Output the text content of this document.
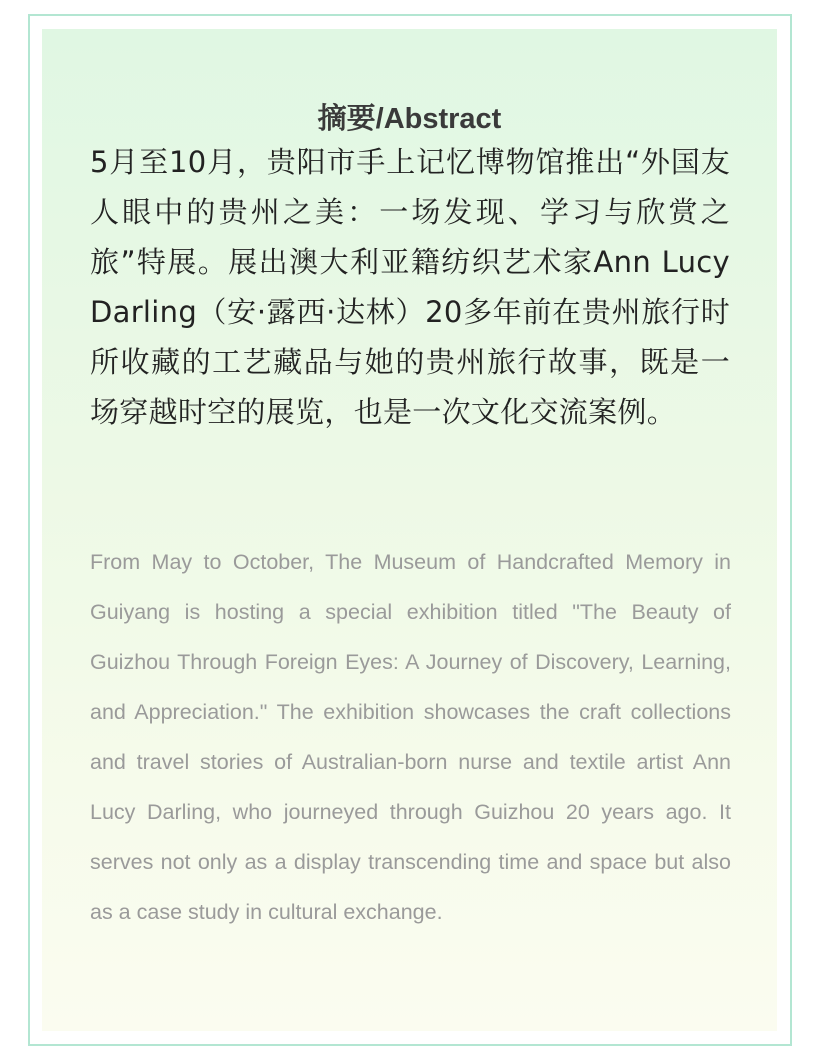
摘要/Abstract

5月至10月，贵阳市手上记忆博物馆推出“外国友人眼中的贵州之美：一场发现、学习与欣赏之旅”特展。展出澳大利亚籍纺织艺术家Ann Lucy Darling（安·露西·达林）20多年前在贵州旅行时所收藏的工艺藏品与她的贵州旅行故事，既是一场穿越时空的展览，也是一次文化交流案例。

From May to October, The Museum of Handcrafted Memory in Guiyang is hosting a special exhibition titled "The Beauty of Guizhou Through Foreign Eyes: A Journey of Discovery, Learning, and Appreciation." The exhibition showcases the craft collections and travel stories of Australian-born nurse and textile artist Ann Lucy Darling, who journeyed through Guizhou 20 years ago. It serves not only as a display transcending time and space but also as a case study in cultural exchange.
